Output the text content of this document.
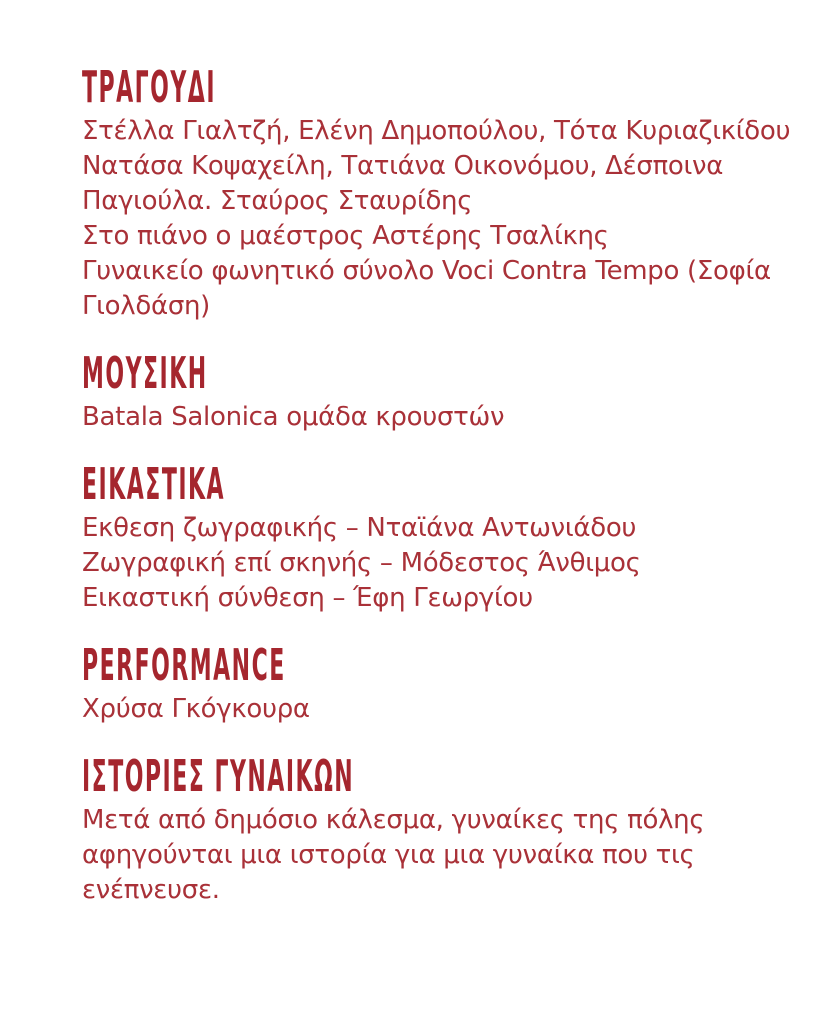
ΤΡΑΓΟΥΔΙ
Στέλλα Γιαλτζή, Ελένη Δημοπούλου, Τότα Κυριαζικίδου
Νατάσα Κοψαχείλη, Τατιάνα Οικονόμου, Δέσποινα
Παγιούλα. Σταύρος Σταυρίδης
Στο πιάνο ο μαέστρος Αστέρης Τσαλίκης
Γυναικείο φωνητικό σύνολο Voci Contra Tempo (Σοφία
Γιολδάση)
ΜΟΥΣΙΚΗ
Batala Salonica ομάδα κρουστών
ΕΙΚΑΣΤΙΚΑ
Εκθεση ζωγραφικής – Νταϊάνα Αντωνιάδου
Ζωγραφική επί σκηνής – Μόδεστος Άνθιμος
Εικαστική σύνθεση – Έφη Γεωργίου
PERFORMANCE
Χρύσα Γκόγκουρα
ΙΣΤΟΡΙΕΣ ΓΥΝΑΙΚΩΝ
Μετά από δημόσιο κάλεσμα, γυναίκες της πόλης
αφηγούνται μια ιστορία για μια γυναίκα που τις
ενέπνευσε.
